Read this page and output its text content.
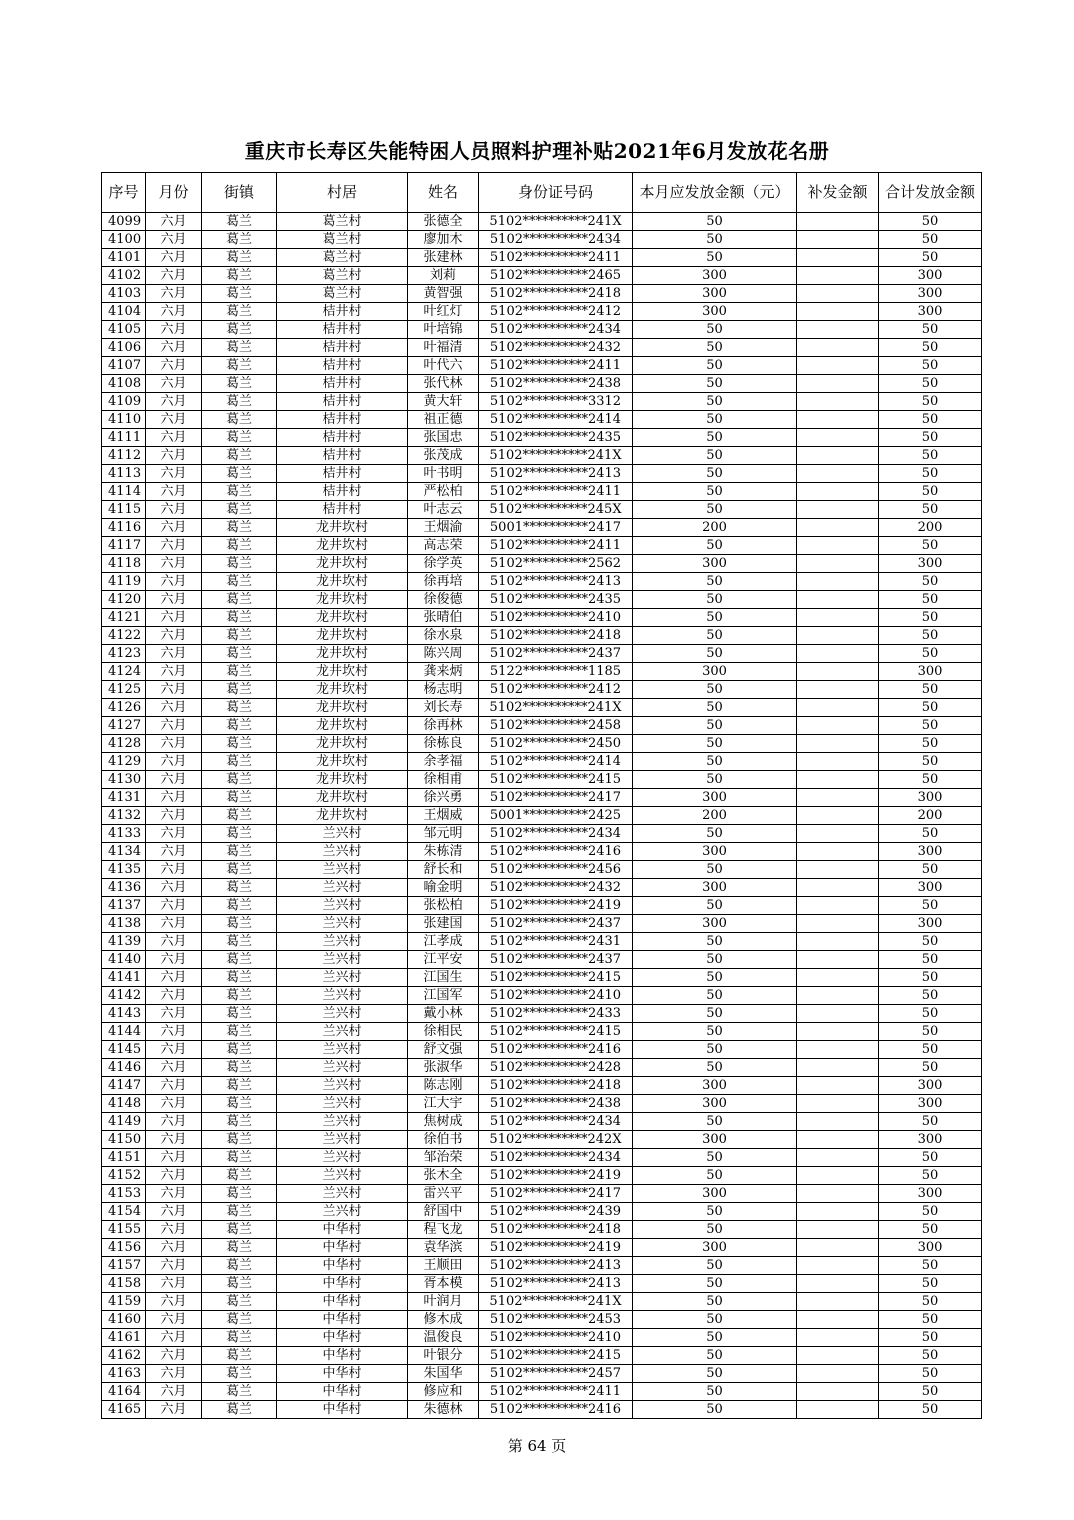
重庆市长寿区失能特困人员照料护理补贴2021年6月发放花名册
序号	月份	街镇	村居	姓名	身份证号码	本月应发放金额（元）	补发金额	合计发放金额
4099	六月	葛兰	葛兰村	张德全	5102**********241X	50		50
4100	六月	葛兰	葛兰村	廖加木	5102**********2434	50		50
4101	六月	葛兰	葛兰村	张建林	5102**********2411	50		50
4102	六月	葛兰	葛兰村	刘莉	5102**********2465	300		300
4103	六月	葛兰	葛兰村	黄智强	5102**********2418	300		300
4104	六月	葛兰	桔井村	叶红灯	5102**********2412	300		300
4105	六月	葛兰	桔井村	叶培锦	5102**********2434	50		50
4106	六月	葛兰	桔井村	叶福清	5102**********2432	50		50
4107	六月	葛兰	桔井村	叶代六	5102**********2411	50		50
4108	六月	葛兰	桔井村	张代林	5102**********2438	50		50
4109	六月	葛兰	桔井村	黄大轩	5102**********3312	50		50
4110	六月	葛兰	桔井村	祖正德	5102**********2414	50		50
4111	六月	葛兰	桔井村	张国忠	5102**********2435	50		50
4112	六月	葛兰	桔井村	张茂成	5102**********241X	50		50
4113	六月	葛兰	桔井村	叶书明	5102**********2413	50		50
4114	六月	葛兰	桔井村	严松柏	5102**********2411	50		50
4115	六月	葛兰	桔井村	叶志云	5102**********245X	50		50
4116	六月	葛兰	龙井坎村	王烟渝	5001**********2417	200		200
4117	六月	葛兰	龙井坎村	高志荣	5102**********2411	50		50
4118	六月	葛兰	龙井坎村	徐学英	5102**********2562	300		300
4119	六月	葛兰	龙井坎村	徐再培	5102**********2413	50		50
4120	六月	葛兰	龙井坎村	徐俊德	5102**********2435	50		50
4121	六月	葛兰	龙井坎村	张晴伯	5102**********2410	50		50
4122	六月	葛兰	龙井坎村	徐水泉	5102**********2418	50		50
4123	六月	葛兰	龙井坎村	陈兴周	5102**********2437	50		50
4124	六月	葛兰	龙井坎村	龚来炳	5122**********1185	300		300
4125	六月	葛兰	龙井坎村	杨志明	5102**********2412	50		50
4126	六月	葛兰	龙井坎村	刘长寿	5102**********241X	50		50
4127	六月	葛兰	龙井坎村	徐再林	5102**********2458	50		50
4128	六月	葛兰	龙井坎村	徐栋良	5102**********2450	50		50
4129	六月	葛兰	龙井坎村	余孝福	5102**********2414	50		50
4130	六月	葛兰	龙井坎村	徐相甫	5102**********2415	50		50
4131	六月	葛兰	龙井坎村	徐兴勇	5102**********2417	300		300
4132	六月	葛兰	龙井坎村	王烟威	5001**********2425	200		200
4133	六月	葛兰	兰兴村	邹元明	5102**********2434	50		50
4134	六月	葛兰	兰兴村	朱栋清	5102**********2416	300		300
4135	六月	葛兰	兰兴村	舒长和	5102**********2456	50		50
4136	六月	葛兰	兰兴村	喻金明	5102**********2432	300		300
4137	六月	葛兰	兰兴村	张松柏	5102**********2419	50		50
4138	六月	葛兰	兰兴村	张建国	5102**********2437	300		300
4139	六月	葛兰	兰兴村	江孝成	5102**********2431	50		50
4140	六月	葛兰	兰兴村	江平安	5102**********2437	50		50
4141	六月	葛兰	兰兴村	江国生	5102**********2415	50		50
4142	六月	葛兰	兰兴村	江国军	5102**********2410	50		50
4143	六月	葛兰	兰兴村	戴小林	5102**********2433	50		50
4144	六月	葛兰	兰兴村	徐相民	5102**********2415	50		50
4145	六月	葛兰	兰兴村	舒文强	5102**********2416	50		50
4146	六月	葛兰	兰兴村	张淑华	5102**********2428	50		50
4147	六月	葛兰	兰兴村	陈志刚	5102**********2418	300		300
4148	六月	葛兰	兰兴村	江大宇	5102**********2438	300		300
4149	六月	葛兰	兰兴村	焦树成	5102**********2434	50		50
4150	六月	葛兰	兰兴村	徐伯书	5102**********242X	300		300
4151	六月	葛兰	兰兴村	邹治荣	5102**********2434	50		50
4152	六月	葛兰	兰兴村	张木全	5102**********2419	50		50
4153	六月	葛兰	兰兴村	雷兴平	5102**********2417	300		300
4154	六月	葛兰	兰兴村	舒国中	5102**********2439	50		50
4155	六月	葛兰	中华村	程飞龙	5102**********2418	50		50
4156	六月	葛兰	中华村	袁华滨	5102**********2419	300		300
4157	六月	葛兰	中华村	王顺田	5102**********2413	50		50
4158	六月	葛兰	中华村	胥本模	5102**********2413	50		50
4159	六月	葛兰	中华村	叶润月	5102**********241X	50		50
4160	六月	葛兰	中华村	修木成	5102**********2453	50		50
4161	六月	葛兰	中华村	温俊良	5102**********2410	50		50
4162	六月	葛兰	中华村	叶银分	5102**********2415	50		50
4163	六月	葛兰	中华村	朱国华	5102**********2457	50		50
4164	六月	葛兰	中华村	修应和	5102**********2411	50		50
4165	六月	葛兰	中华村	朱德林	5102**********2416	50		50
第 64 页
